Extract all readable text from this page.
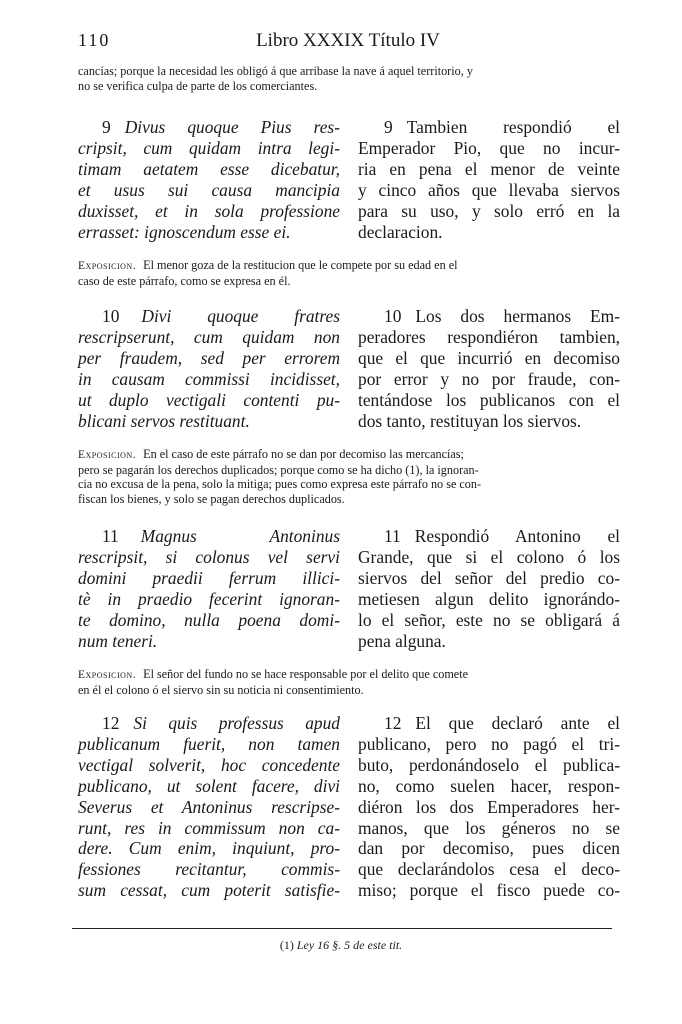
110	Libro XXXIX Título IV

cancías; porque la necesidad les obligó á que arribase la nave á aquel territorio, y

no se verifica culpa de parte de los comerciantes.

9 Divus quoque Pius res-
cripsit, cum quidam intra legi-
timam aetatem esse dicebatur,
et usus sui causa mancipia
duxisset, et in sola professione
errasset: ignoscendum esse ei.
9 Tambien respondió el
Emperador Pio, que no incur-
ria en pena el menor de veinte
y cinco años que llevaba siervos
para su uso, y solo erró en la
declaracion.

Exposicion. El menor goza de la restitucion que le compete por su edad en el

caso de este párrafo, como se expresa en él.

10 Divi quoque fratres
rescripserunt, cum quidam non
per fraudem, sed per errorem
in causam commissi incidisset,
ut duplo vectigali contenti pu-
blicani servos restituant.
10 Los dos hermanos Em-
peradores respondiéron tambien,
que el que incurrió en decomiso
por error y no por fraude, con-
tentándose los publicanos con el
dos tanto, restituyan los siervos.

Exposicion. En el caso de este párrafo no se dan por decomiso las mercancías;

pero se pagarán los derechos duplicados; porque como se ha dicho (1), la ignoran-

cia no excusa de la pena, solo la mitiga; pues como expresa este párrafo no se con-

fiscan los bienes, y solo se pagan derechos duplicados.

11 Magnus Antoninus
rescripsit, si colonus vel servi
domini praedii ferrum illici-
tè in praedio fecerint ignoran-
te domino, nulla poena domi-
num teneri.
11 Respondió Antonino el
Grande, que si el colono ó los
siervos del señor del predio co-
metiesen algun delito ignorándo-
lo el señor, este no se obligará á
pena alguna.

Exposicion. El señor del fundo no se hace responsable por el delito que comete

en él el colono ó el siervo sin su noticia ni consentimiento.

12 Si quis professus apud
publicanum fuerit, non tamen
vectigal solverit, hoc concedente
publicano, ut solent facere, divi
Severus et Antoninus rescripse-
runt, res in commissum non ca-
dere. Cum enim, inquiunt, pro-
fessiones recitantur, commis-
sum cessat, cum poterit satisfie-
12 El que declaró ante el
publicano, pero no pagó el tri-
buto, perdonándoselo el publica-
no, como suelen hacer, respon-
diéron los dos Emperadores her-
manos, que los géneros no se
dan por decomiso, pues dicen
que declarándolos cesa el deco-
miso; porque el fisco puede co-
(1) Ley 16 §. 5 de este tit.
